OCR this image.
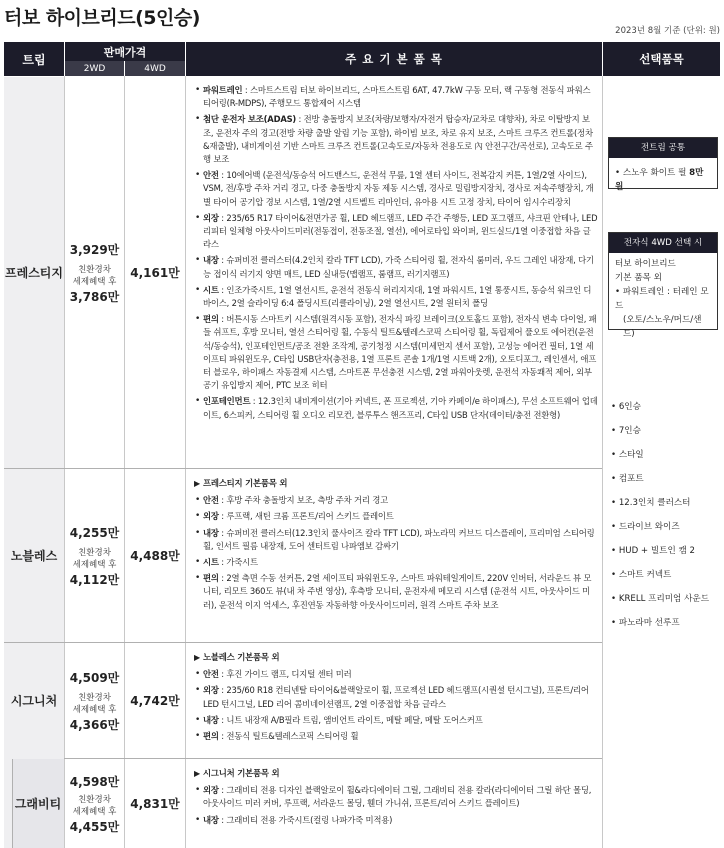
터보 하이브리드(5인승)
2023년 8월 기준 (단위: 원)
트림
판매가격
2WD	4WD
주 요 기 본 품 목	선택품목
프레스티지
노블레스
시그니처
그래비티
3,929만
친환경차
세제혜택 후
3,786만
4,255만
친환경차
세제혜택 후
4,112만
4,509만
친환경차
세제혜택 후
4,366만
4,598만
친환경차
세제혜택 후
4,455만
4,161만
4,488만
4,742만
4,831만
• 파워트레인 : 스마트스트림 터보 하이브리드, 스마트스트림 6AT, 47.7kW 구동 모터, 랙 구동형 전동식 파워스티어링(R-MDPS), 주행모드 통합제어 시스템
• 첨단 운전자 보조(ADAS) : 전방 충돌방지 보조(차량/보행자/자전거 탑승자/교차로 대향차), 차로 이탈방지 보조, 운전자 주의 경고(전방 차량 출발 알림 기능 포함), 하이빔 보조, 차로 유지 보조, 스마트 크루즈 컨트롤(정차&재출발), 내비게이션 기반 스마트 크루즈 컨트롤(고속도로/자동차 전용도로 內 안전구간/곡선로), 고속도로 주행 보조
• 안전 : 10에어백 (운전석/동승석 어드밴스드, 운전석 무릎, 1열 센터 사이드, 전복감지 커튼, 1열/2열 사이드), VSM, 전/후방 주차 거리 경고, 다중 충돌방지 자동 제동 시스템, 경사로 밀림방지장치, 경사로 저속주행장치, 개별 타이어 공기압 경보 시스템, 1열/2열 시트벨트 리마인더, 유아용 시트 고정 장치, 타이어 임시수리장치
• 외장 : 235/65 R17 타이어&전면가공 휠, LED 헤드램프, LED 주간 주행등, LED 포그램프, 샤크핀 안테나, LED 리피터 일체형 아웃사이드미러(전동접이, 전동조절, 열선), 에어로타입 와이퍼, 윈드실드/1열 이중접합 차음 글라스
• 내장 : 슈퍼비전 클러스터(4.2인치 칼라 TFT LCD), 가죽 스티어링 휠, 전자식 룸미러, 우드 그레인 내장재, 다기능 접이식 러기지 양면 매트, LED 실내등(맵램프, 룸램프, 러기지램프)
• 시트 : 인조가죽시트, 1열 열선시트, 운전석 전동식 허리지지대, 1열 파워시트, 1열 통풍시트, 동승석 워크인 디바이스, 2열 슬라이딩 6:4 폴딩시트(리클라이닝), 2열 열선시트, 2열 원터치 폴딩
• 편의 : 버튼시동 스마트키 시스템(원격시동 포함), 전자식 파킹 브레이크(오토홀드 포함), 전자식 변속 다이얼, 패들 쉬프트, 후방 모니터, 열선 스티어링 휠, 수동식 틸트&텔레스코픽 스티어링 휠, 독립제어 풀오토 에어컨(운전석/동승석), 인포테인먼트/공조 전환 조작계, 공기청정 시스템(미세먼지 센서 포함), 고성능 에어컨 필터, 1열 세이프티 파워윈도우, C타입 USB단자(충전용, 1열 프론트 콘솔 1개/1열 시트백 2개), 오토디포그, 레인센서, 애프터 블로우, 하이패스 자동결제 시스템, 스마트폰 무선충전 시스템, 2열 파워아웃렛, 운전석 자동쾌적 제어, 외부공기 유입방지 제어, PTC 보조 히터
• 인포테인먼트 : 12.3인치 내비게이션(기아 커넥트, 폰 프로젝션, 기아 카페이/e 하이패스), 무선 소프트웨어 업데이트, 6스피커, 스티어링 휠 오디오 리모컨, 블루투스 핸즈프리, C타입 USB 단자(데이터/충전 전환형)
▶ 프레스티지 기본품목 외
• 안전 : 후방 주차 충돌방지 보조, 측방 주차 거리 경고
• 외장 : 루프랙, 새틴 크롬 프론트/리어 스키드 플레이트
• 내장 : 슈퍼비전 클러스터(12.3인치 풀사이즈 칼라 TFT LCD), 파노라믹 커브드 디스플레이, 프리미엄 스티어링 휠, 인서트 필름 내장재, 도어 센터트림 나파엠보 감싸기
• 시트 : 가죽시트
• 편의 : 2열 측면 수동 선커튼, 2열 세이프티 파워윈도우, 스마트 파워테일게이트, 220V 인버터, 서라운드 뷰 모니터, 리모트 360도 뷰(내 차 주변 영상), 후측방 모니터, 운전자세 메모리 시스템 (운전석 시트, 아웃사이드 미러), 운전석 이지 억세스, 후진연동 자동하향 아웃사이드미러, 원격 스마트 주차 보조
▶ 노블레스 기본품목 외
• 안전 : 후진 가이드 램프, 디지털 센터 미러
• 외장 : 235/60 R18 컨티넨탈 타이어&블랙알로이 휠, 프로젝션 LED 헤드램프(시퀀셜 턴시그널), 프론트/리어 LED 턴시그널, LED 리어 콤비네이션램프, 2열 이중접합 차음 글라스
• 내장 : 니트 내장재 A/B필라 트림, 앰비언트 라이트, 메탈 페달, 메탈 도어스커프
• 편의 : 전동식 틸트&텔레스코픽 스티어링 휠
▶ 시그니처 기본품목 외
• 외장 : 그래비티 전용 디자인 블랙알로이 휠&라디에이터 그릴, 그래비티 전용 칼라(라디에이터 그릴 하단 몰딩, 아웃사이드 미러 커버, 루프랙, 서라운드 몰딩, 휀더 가니쉬, 프론트/리어 스키드 플레이트)
• 내장 : 그래비티 전용 가죽시트(컬링 나파가죽 미적용)
전트림 공통
• 스노우 화이트 펄 8만원
전자식 4WD 선택 시
터보 하이브리드
기본 품목 외
• 파워트레인 : 터레인 모드
(오토/스노우/머드/샌드)
• 6인승
• 7인승
• 스타일
• 컴포트
• 12.3인치 클러스터
• 드라이브 와이즈
• HUD + 빌트인 캠 2
• 스마트 커넥트
• KRELL 프리미엄 사운드
• 파노라마 선루프
